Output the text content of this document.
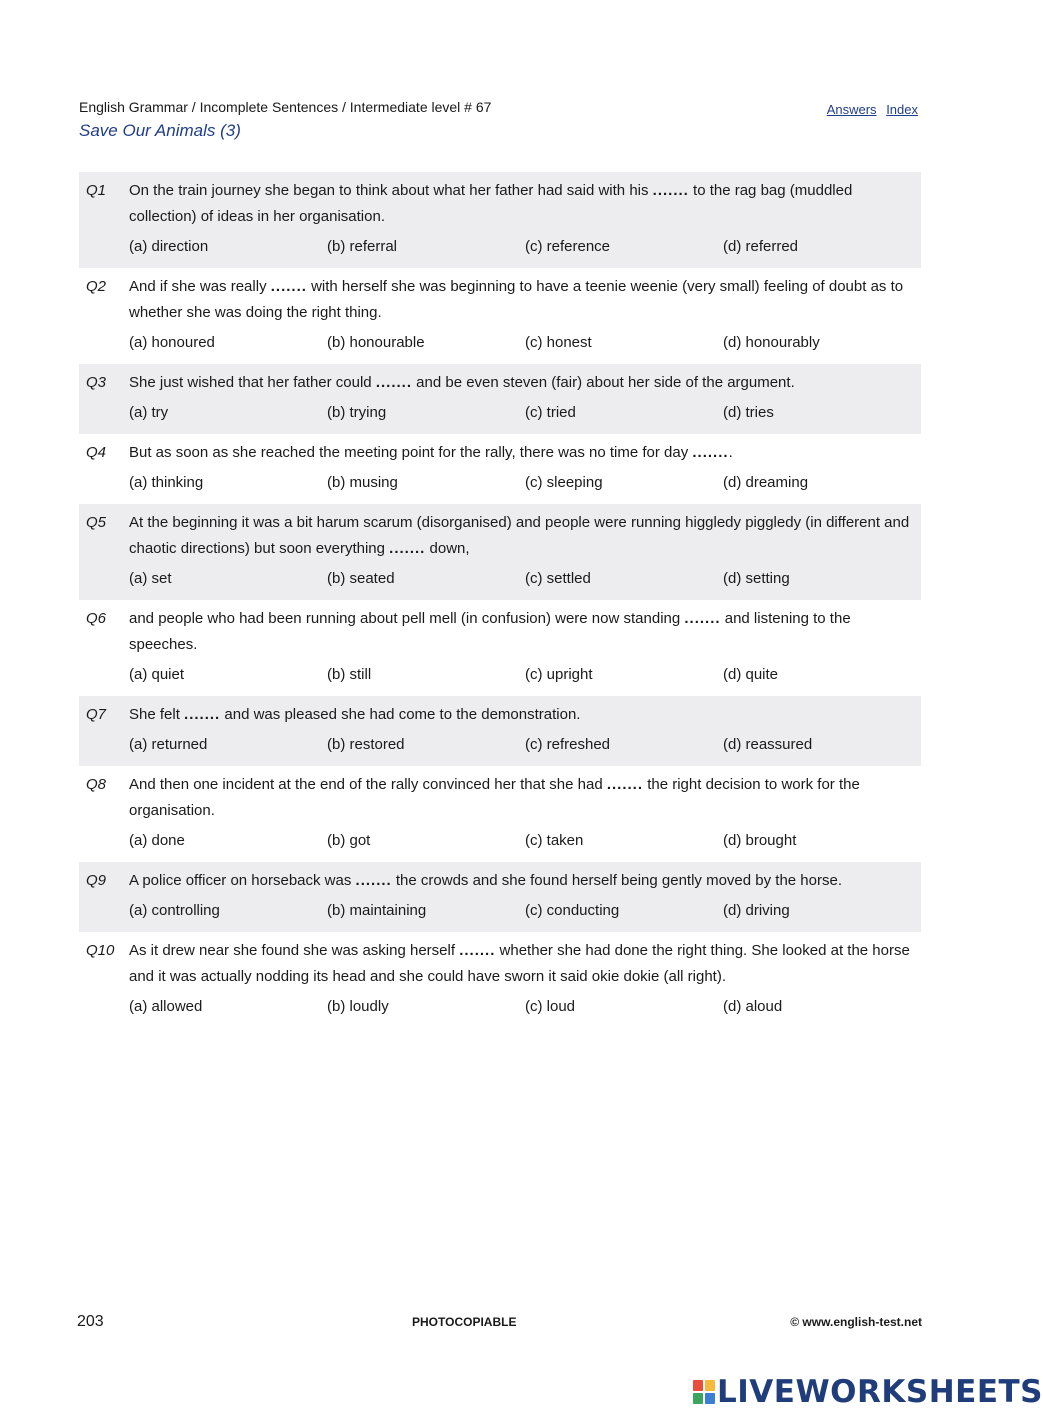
English Grammar / Incomplete Sentences / Intermediate level # 67
Save Our Animals (3)
Answers Index
Q1	On the train journey she began to think about what her father had said with his ....... to the rag bag (muddled collection) of ideas in her organisation.
(a) direction	(b) referral	(c) reference	(d) referred
Q2	And if she was really ....... with herself she was beginning to have a teenie weenie (very small) feeling of doubt as to whether she was doing the right thing.
(a) honoured	(b) honourable	(c) honest	(d) honourably
Q3	She just wished that her father could ....... and be even steven (fair) about her side of the argument.
(a) try	(b) trying	(c) tried	(d) tries
Q4	But as soon as she reached the meeting point for the rally, there was no time for day ........
(a) thinking	(b) musing	(c) sleeping	(d) dreaming
Q5	At the beginning it was a bit harum scarum (disorganised) and people were running higgledy piggledy (in different and chaotic directions) but soon everything ....... down,
(a) set	(b) seated	(c) settled	(d) setting
Q6	and people who had been running about pell mell (in confusion) were now standing ....... and listening to the speeches.
(a) quiet	(b) still	(c) upright	(d) quite
Q7	She felt ....... and was pleased she had come to the demonstration.
(a) returned	(b) restored	(c) refreshed	(d) reassured
Q8	And then one incident at the end of the rally convinced her that she had ....... the right decision to work for the organisation.
(a) done	(b) got	(c) taken	(d) brought
Q9	A police officer on horseback was ....... the crowds and she found herself being gently moved by the horse.
(a) controlling	(b) maintaining	(c) conducting	(d) driving
Q10 As it drew near she found she was asking herself ....... whether she had done the right thing. She looked at the horse and it was actually nodding its head and she could have sworn it said okie dokie (all right).
(a) allowed	(b) loudly	(c) loud	(d) aloud
203	PHOTOCOPIABLE	© www.english-test.net
LIVEWORKSHEETS
